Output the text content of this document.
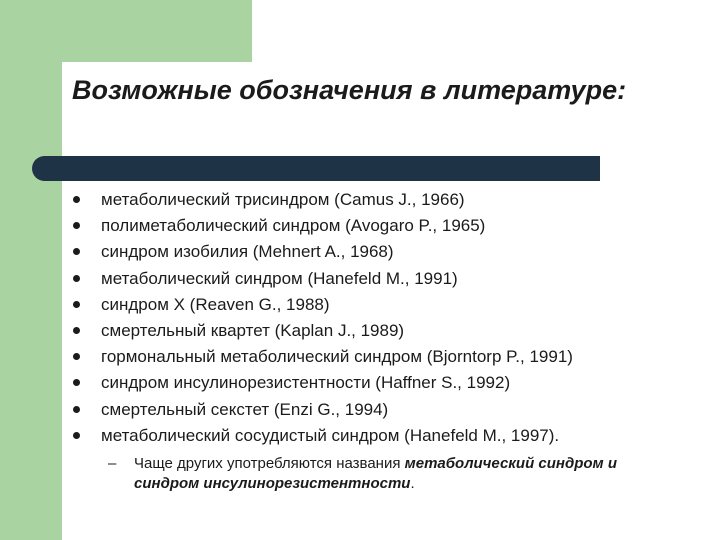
Возможные обозначения в литературе:
метаболический трисиндром (Camus J., 1966)
полиметаболический синдром (Avogaro P., 1965)
синдром изобилия (Mehnert A., 1968)
метаболический синдром (Hanefeld M., 1991)
синдром X (Reaven G., 1988)
смертельный квартет (Kaplan J., 1989)
гормональный метаболический синдром (Bjorntorp P., 1991)
синдром инсулинорезистентности (Haffner S., 1992)
смертельный секстет (Enzi G., 1994)
метаболический сосудистый синдром (Hanefeld M., 1997).
– Чаще других употребляются названия метаболический синдром и синдром инсулинорезистентности.
